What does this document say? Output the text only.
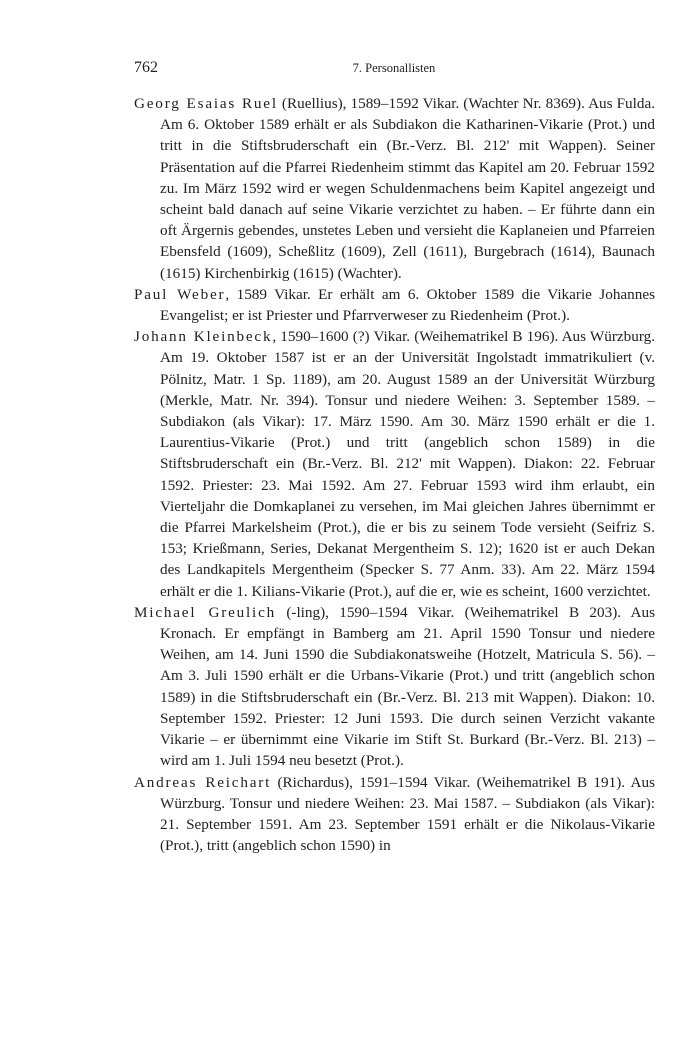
762	7. Personallisten

Georg Esaias Ruel (Ruellius), 1589–1592 Vikar. (Wachter Nr. 8369). Aus Fulda. Am 6. Oktober 1589 erhält er als Subdiakon die Katharinen-Vikarie (Prot.) und tritt in die Stiftsbruderschaft ein (Br.-Verz. Bl. 212' mit Wappen). Seiner Präsentation auf die Pfarrei Riedenheim stimmt das Kapitel am 20. Februar 1592 zu. Im März 1592 wird er wegen Schuldenmachens beim Kapitel angezeigt und scheint bald danach auf seine Vikarie verzichtet zu haben. – Er führte dann ein oft Ärgernis gebendes, unstetes Leben und versieht die Kaplaneien und Pfarreien Ebensfeld (1609), Scheßlitz (1609), Zell (1611), Burgebrach (1614), Baunach (1615) Kirchenbirkig (1615) (Wachter).

Paul Weber, 1589 Vikar. Er erhält am 6. Oktober 1589 die Vikarie Johannes Evangelist; er ist Priester und Pfarrverweser zu Riedenheim (Prot.).

Johann Kleinbeck, 1590–1600 (?) Vikar. (Weihematrikel B 196). Aus Würzburg. Am 19. Oktober 1587 ist er an der Universität Ingolstadt immatrikuliert (v. Pölnitz, Matr. 1 Sp. 1189), am 20. August 1589 an der Universität Würzburg (Merkle, Matr. Nr. 394). Tonsur und niedere Weihen: 3. September 1589. – Subdiakon (als Vikar): 17. März 1590. Am 30. März 1590 erhält er die 1. Laurentius-Vikarie (Prot.) und tritt (angeblich schon 1589) in die Stiftsbruderschaft ein (Br.-Verz. Bl. 212' mit Wappen). Diakon: 22. Februar 1592. Priester: 23. Mai 1592. Am 27. Februar 1593 wird ihm erlaubt, ein Vierteljahr die Domkaplanei zu versehen, im Mai gleichen Jahres übernimmt er die Pfarrei Markelsheim (Prot.), die er bis zu seinem Tode versieht (Seifriz S. 153; Krießmann, Series, Dekanat Mergentheim S. 12); 1620 ist er auch Dekan des Landkapitels Mergentheim (Specker S. 77 Anm. 33). Am 22. März 1594 erhält er die 1. Kilians-Vikarie (Prot.), auf die er, wie es scheint, 1600 verzichtet.

Michael Greulich (-ling), 1590–1594 Vikar. (Weihematrikel B 203). Aus Kronach. Er empfängt in Bamberg am 21. April 1590 Tonsur und niedere Weihen, am 14. Juni 1590 die Subdiakonatsweihe (Hotzelt, Matricula S. 56). – Am 3. Juli 1590 erhält er die Urbans-Vikarie (Prot.) und tritt (angeblich schon 1589) in die Stiftsbruderschaft ein (Br.-Verz. Bl. 213 mit Wappen). Diakon: 10. September 1592. Priester: 12 Juni 1593. Die durch seinen Verzicht vakante Vikarie – er übernimmt eine Vikarie im Stift St. Burkard (Br.-Verz. Bl. 213) – wird am 1. Juli 1594 neu besetzt (Prot.).

Andreas Reichart (Richardus), 1591–1594 Vikar. (Weihematrikel B 191). Aus Würzburg. Tonsur und niedere Weihen: 23. Mai 1587. – Subdiakon (als Vikar): 21. September 1591. Am 23. September 1591 erhält er die Nikolaus-Vikarie (Prot.), tritt (angeblich schon 1590) in
